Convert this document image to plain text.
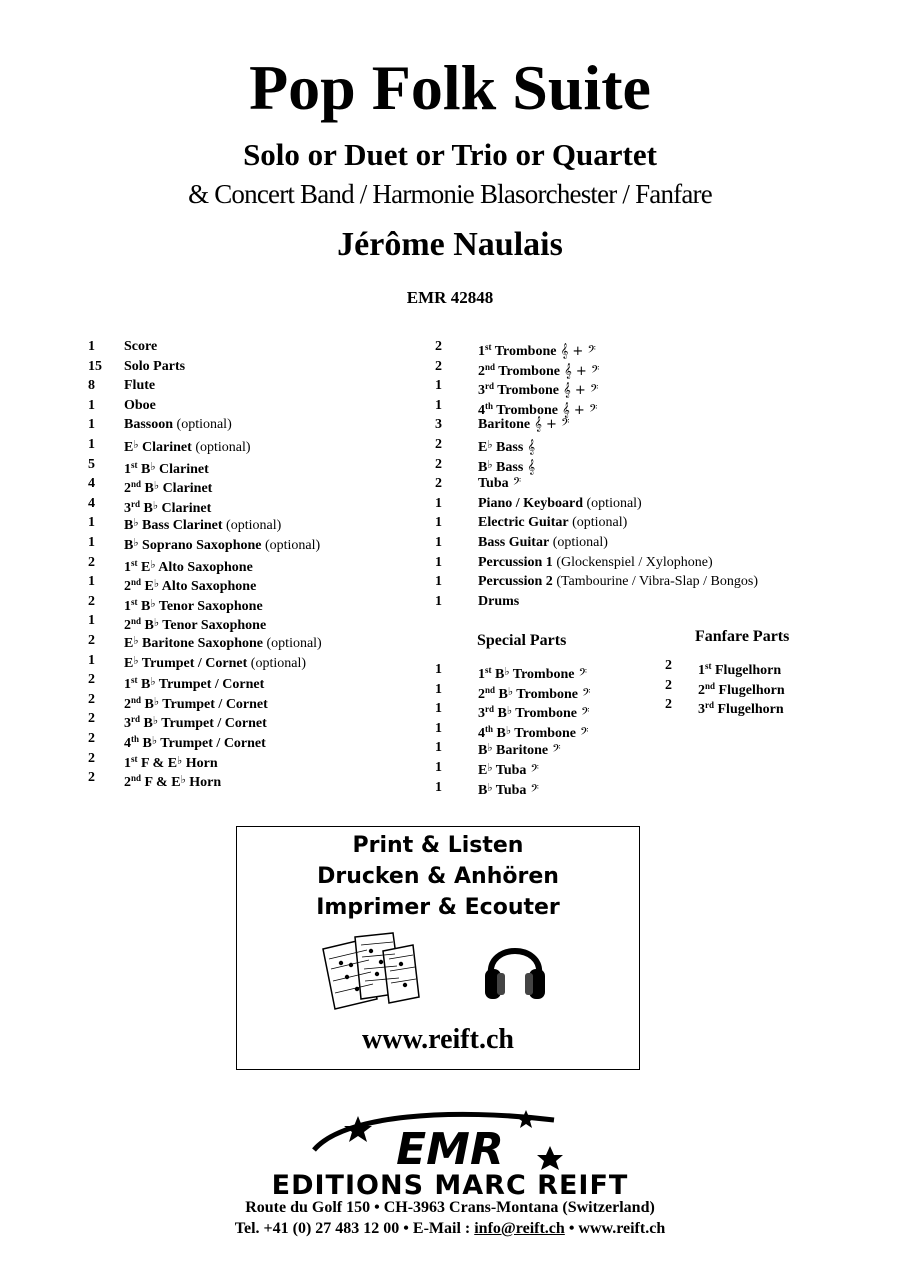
Pop Folk Suite
Solo or Duet or Trio or Quartet
& Concert Band / Harmonie Blasorchester / Fanfare
Jérôme Naulais
EMR 42848
1 Score
15 Solo Parts
8 Flute
1 Oboe
1 Bassoon (optional)
1 E♭ Clarinet (optional)
5 1st B♭ Clarinet
4 2nd B♭ Clarinet
4 3rd B♭ Clarinet
1 B♭ Bass Clarinet (optional)
1 B♭ Soprano Saxophone (optional)
2 1st E♭ Alto Saxophone
1 2nd E♭ Alto Saxophone
2 1st B♭ Tenor Saxophone
1 2nd B♭ Tenor Saxophone
2 E♭ Baritone Saxophone (optional)
1 E♭ Trumpet / Cornet (optional)
2 1st B♭ Trumpet / Cornet
2 2nd B♭ Trumpet / Cornet
2 3rd B♭ Trumpet / Cornet
2 4th B♭ Trumpet / Cornet
2 1st F & E♭ Horn
2 2nd F & E♭ Horn
2	1st Trombone 𝄞 + 𝄢
2	2nd Trombone 𝄞 + 𝄢
1	3rd Trombone 𝄞 + 𝄢
1	4th Trombone 𝄞 + 𝄢
3	Baritone 𝄞 + 𝄢
2	E♭ Bass 𝄞
2	B♭ Bass 𝄞
2	Tuba 𝄢
1	Piano / Keyboard (optional)
1	Electric Guitar (optional)
1	Bass Guitar (optional)
1	Percussion 1 (Glockenspiel / Xylophone)
1	Percussion 2 (Tambourine / Vibra-Slap / Bongos)
1	Drums
Special Parts
1	1st B♭ Trombone 𝄢
1	2nd B♭ Trombone 𝄢
1	3rd B♭ Trombone 𝄢
1	4th B♭ Trombone 𝄢
1	B♭ Baritone 𝄢
1	E♭ Tuba 𝄢
1	B♭ Tuba 𝄢
Fanfare Parts
2 1st Flugelhorn
2 2nd Flugelhorn
2 3rd Flugelhorn
Print & Listen
Drucken & Anhören
Imprimer & Ecouter
www.reift.ch
EMR
EDITIONS MARC REIFT
Route du Golf 150 • CH-3963 Crans-Montana (Switzerland)
Tel. +41 (0) 27 483 12 00 • E-Mail : info@reift.ch • www.reift.ch
